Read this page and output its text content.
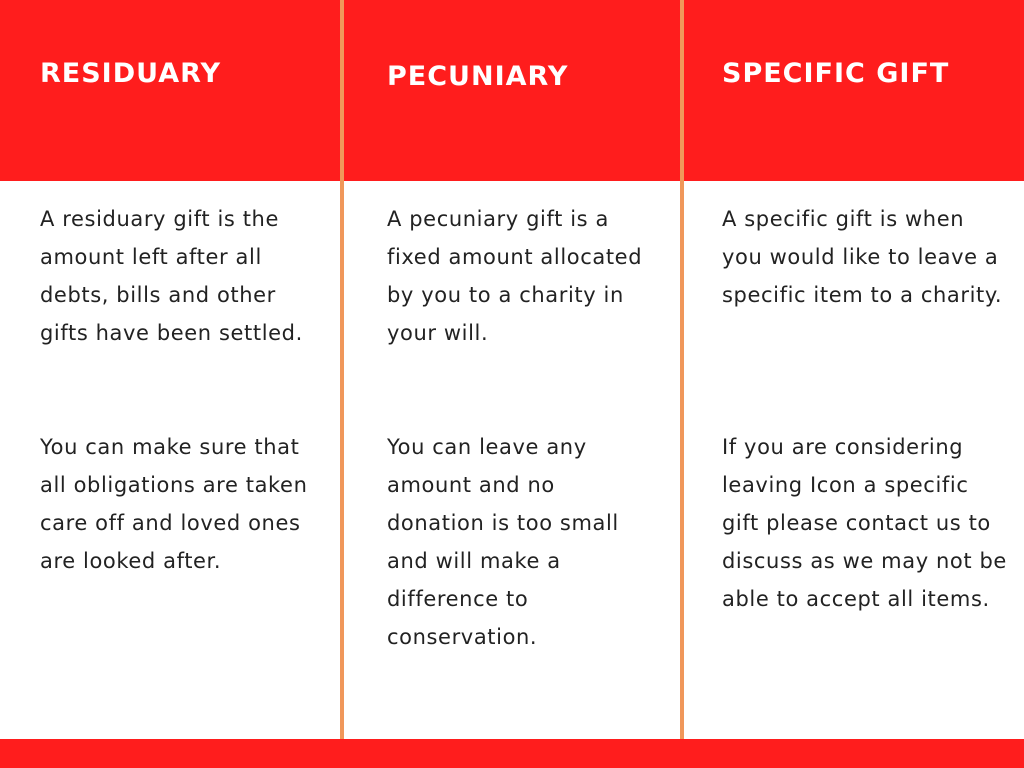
RESIDUARY

A residuary gift is the amount left after all debts, bills and other gifts have been settled.

You can make sure that all obligations are taken care off and loved ones are looked after.

PECUNIARY

A pecuniary gift is a fixed amount allocated by you to a charity in your will.

You can leave any amount and no donation is too small and will make a difference to conservation.

SPECIFIC GIFT

A specific gift is when you would like to leave a specific item to a charity.

If you are considering leaving Icon a specific gift please contact us to discuss as we may not be able to accept all items.
